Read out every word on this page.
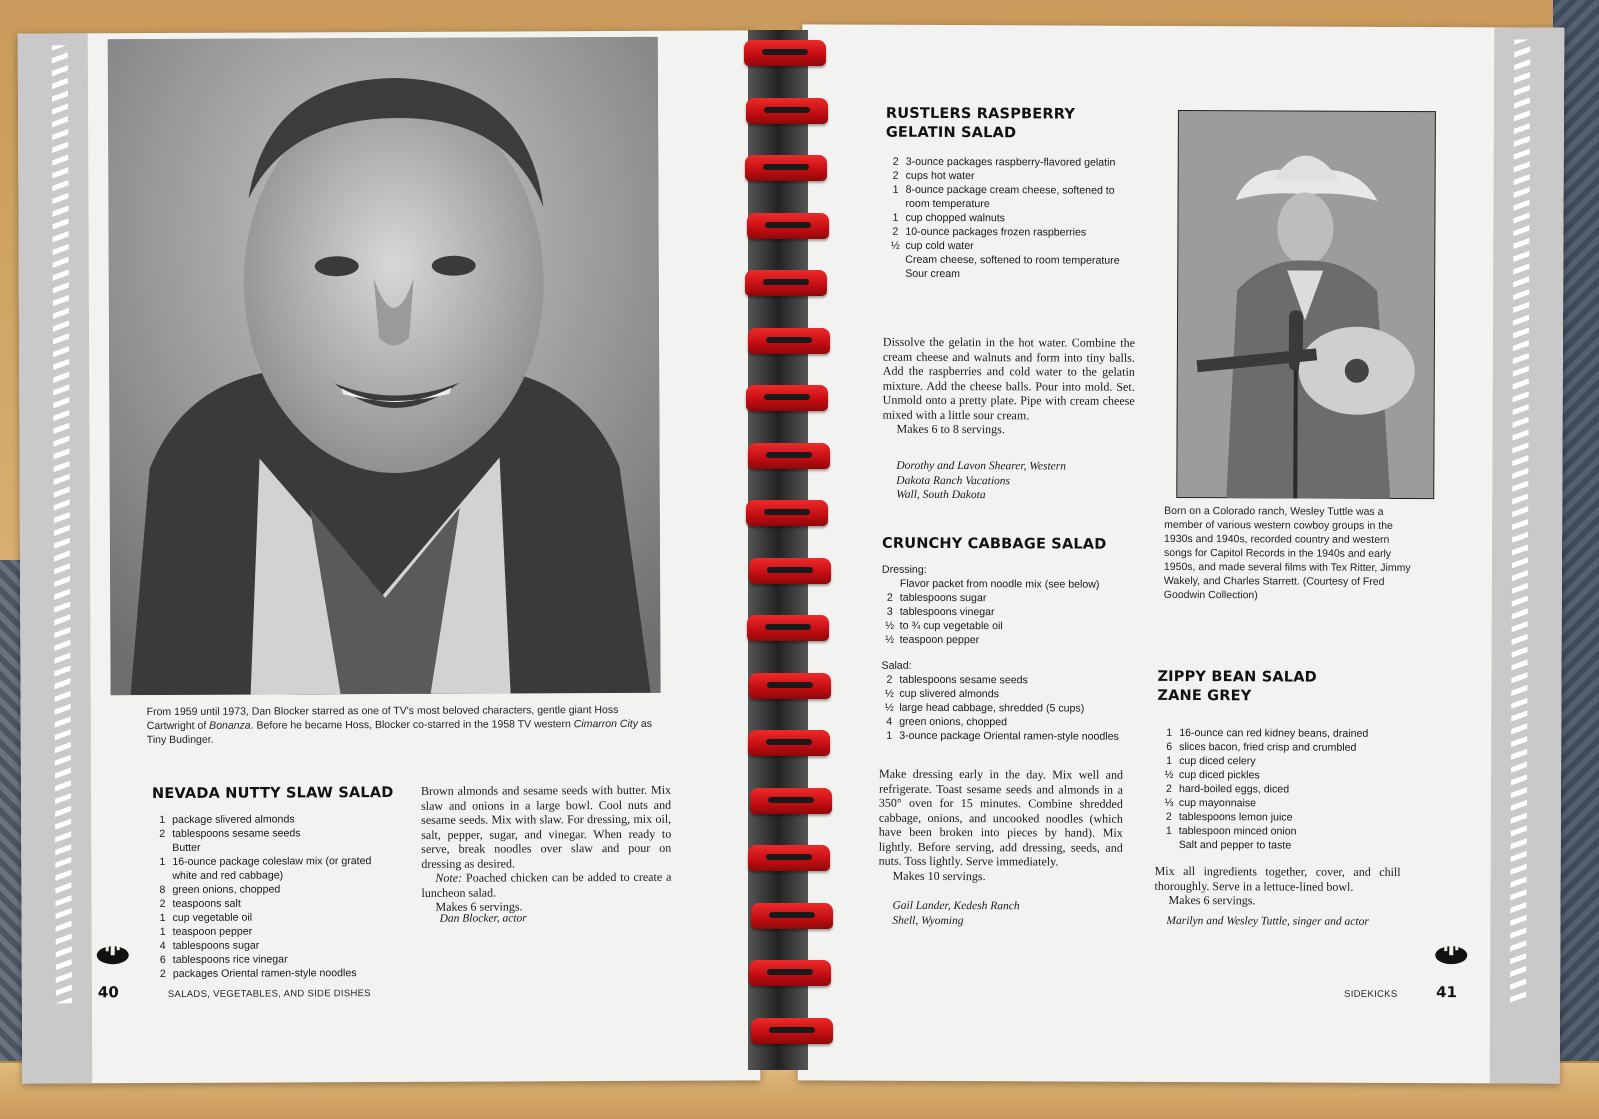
From 1959 until 1973, Dan Blocker starred as one of TV's most beloved characters, gentle giant Hoss Cartwright of Bonanza. Before he became Hoss, Blocker co-starred in the 1958 TV western Cimarron City as Tiny Budinger.
NEVADA NUTTY SLAW SALAD
1 package slivered almonds
2 tablespoons sesame seeds
Butter
1 16-ounce package coleslaw mix (or grated white and red cabbage)
8 green onions, chopped
2 teaspoons salt
1 cup vegetable oil
1 teaspoon pepper
4 tablespoons sugar
6 tablespoons rice vinegar
2 packages Oriental ramen-style noodles

Brown almonds and sesame seeds with butter. Mix slaw and onions in a large bowl. Cool nuts and sesame seeds. Mix with slaw. For dressing, mix oil, salt, pepper, sugar, and vinegar. When ready to serve, break noodles over slaw and pour on dressing as desired.

Note: Poached chicken can be added to create a luncheon salad.

Makes 6 servings.

Dan Blocker, actor
40	SALADS, VEGETABLES, AND SIDE DISHES
RUSTLERS RASPBERRY
GELATIN SALAD
2 3-ounce packages raspberry-flavored gelatin
2 cups hot water
1 8-ounce package cream cheese, softened to room temperature
1 cup chopped walnuts
2 10-ounce packages frozen raspberries
½ cup cold water
Cream cheese, softened to room temperature
Sour cream

Dissolve the gelatin in the hot water. Combine the cream cheese and walnuts and form into tiny balls. Add the raspberries and cold water to the gelatin mixture. Add the cheese balls. Pour into mold. Set. Unmold onto a pretty plate. Pipe with cream cheese mixed with a little sour cream.

Makes 6 to 8 servings.

Dorothy and Lavon Shearer, Western
Dakota Ranch Vacations
Wall, South Dakota
CRUNCHY CABBAGE SALAD
Dressing:
Flavor packet from noodle mix (see below)
2 tablespoons sugar
3 tablespoons vinegar
½ to ¾ cup vegetable oil
½ teaspoon pepper
Salad:
2 tablespoons sesame seeds
½ cup slivered almonds
½ large head cabbage, shredded (5 cups)
4 green onions, chopped
1 3-ounce package Oriental ramen-style noodles

Make dressing early in the day. Mix well and refrigerate. Toast sesame seeds and almonds in a 350° oven for 15 minutes. Combine shredded cabbage, onions, and uncooked noodles (which have been broken into pieces by hand). Mix lightly. Before serving, add dressing, seeds, and nuts. Toss lightly. Serve immediately.

Makes 10 servings.

Gail Lander, Kedesh Ranch
Shell, Wyoming
Born on a Colorado ranch, Wesley Tuttle was a member of various western cowboy groups in the 1930s and 1940s, recorded country and western songs for Capitol Records in the 1940s and early 1950s, and made several films with Tex Ritter, Jimmy Wakely, and Charles Starrett. (Courtesy of Fred Goodwin Collection)
ZIPPY BEAN SALAD
ZANE GREY
1 16-ounce can red kidney beans, drained
6 slices bacon, fried crisp and crumbled
1 cup diced celery
½ cup diced pickles
2 hard-boiled eggs, diced
⅓ cup mayonnaise
2 tablespoons lemon juice
1 tablespoon minced onion
Salt and pepper to taste

Mix all ingredients together, cover, and chill thoroughly. Serve in a lettuce-lined bowl.

Makes 6 servings.

Marilyn and Wesley Tuttle, singer and actor
SIDEKICKS	41
